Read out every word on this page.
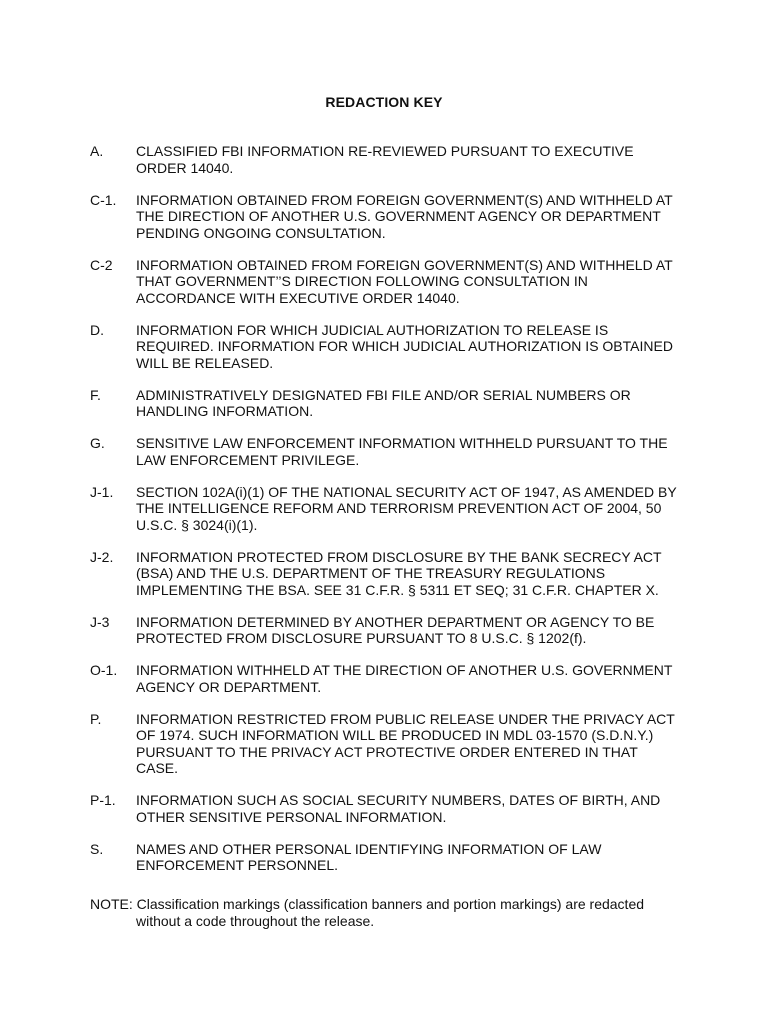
REDACTION KEY
A.	CLASSIFIED FBI INFORMATION RE-REVIEWED PURSUANT TO EXECUTIVE
ORDER 14040.
C-1.	INFORMATION OBTAINED FROM FOREIGN GOVERNMENT(S) AND WITHHELD AT
THE DIRECTION OF ANOTHER U.S. GOVERNMENT AGENCY OR DEPARTMENT
PENDING ONGOING CONSULTATION.
C-2	INFORMATION OBTAINED FROM FOREIGN GOVERNMENT(S) AND WITHHELD AT
THAT GOVERNMENT’’S DIRECTION FOLLOWING CONSULTATION IN
ACCORDANCE WITH EXECUTIVE ORDER 14040.
D.	INFORMATION FOR WHICH JUDICIAL AUTHORIZATION TO RELEASE IS
REQUIRED. INFORMATION FOR WHICH JUDICIAL AUTHORIZATION IS OBTAINED
WILL BE RELEASED.
F.	ADMINISTRATIVELY DESIGNATED FBI FILE AND/OR SERIAL NUMBERS OR
HANDLING INFORMATION.
G.	SENSITIVE LAW ENFORCEMENT INFORMATION WITHHELD PURSUANT TO THE
LAW ENFORCEMENT PRIVILEGE.
J-1.	SECTION 102A(i)(1) OF THE NATIONAL SECURITY ACT OF 1947, AS AMENDED BY
THE INTELLIGENCE REFORM AND TERRORISM PREVENTION ACT OF 2004, 50
U.S.C. § 3024(i)(1).
J-2.	INFORMATION PROTECTED FROM DISCLOSURE BY THE BANK SECRECY ACT
(BSA) AND THE U.S. DEPARTMENT OF THE TREASURY REGULATIONS
IMPLEMENTING THE BSA. SEE 31 C.F.R. § 5311 ET SEQ; 31 C.F.R. CHAPTER X.
J-3	INFORMATION DETERMINED BY ANOTHER DEPARTMENT OR AGENCY TO BE
PROTECTED FROM DISCLOSURE PURSUANT TO 8 U.S.C. § 1202(f).
O-1.	INFORMATION WITHHELD AT THE DIRECTION OF ANOTHER U.S. GOVERNMENT
AGENCY OR DEPARTMENT.
P.	INFORMATION RESTRICTED FROM PUBLIC RELEASE UNDER THE PRIVACY ACT
OF 1974. SUCH INFORMATION WILL BE PRODUCED IN MDL 03-1570 (S.D.N.Y.)
PURSUANT TO THE PRIVACY ACT PROTECTIVE ORDER ENTERED IN THAT
CASE.
P-1.	INFORMATION SUCH AS SOCIAL SECURITY NUMBERS, DATES OF BIRTH, AND
OTHER SENSITIVE PERSONAL INFORMATION.
S.	NAMES AND OTHER PERSONAL IDENTIFYING INFORMATION OF LAW
ENFORCEMENT PERSONNEL.
NOTE: Classification markings (classification banners and portion markings) are redacted
without a code throughout the release.
